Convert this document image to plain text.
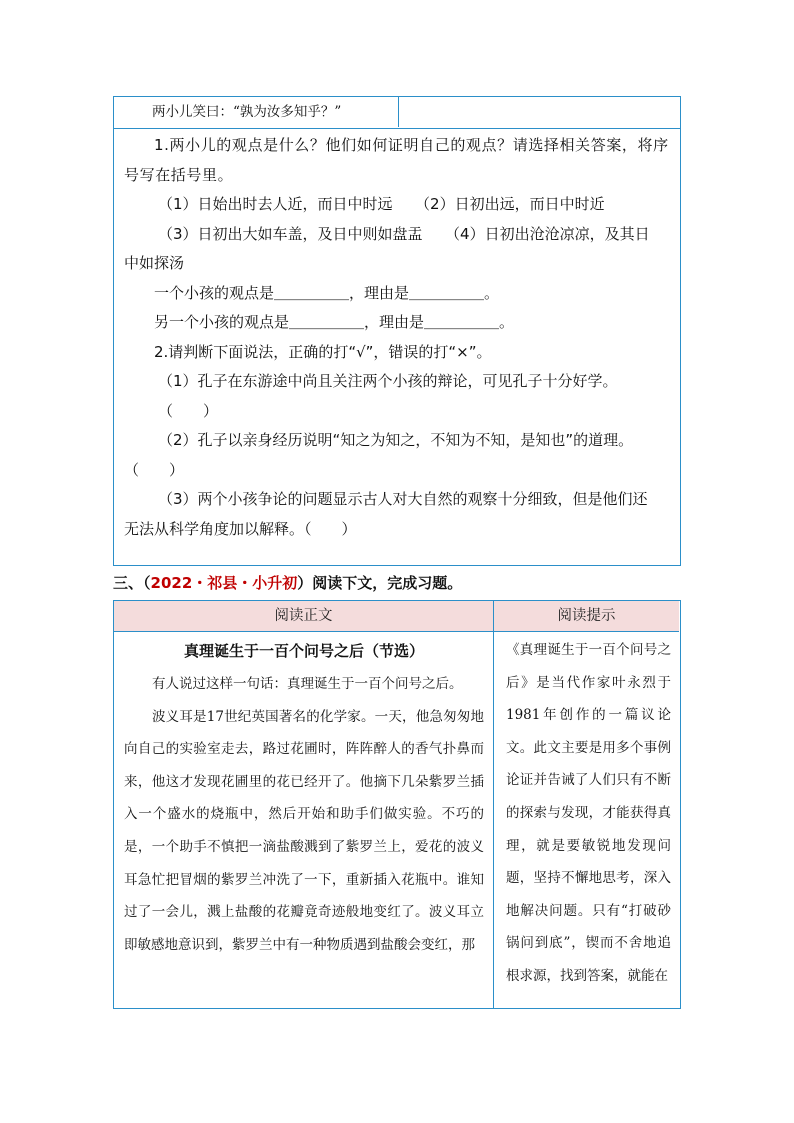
两小儿笑曰：“孰为汝多知乎？”
1.两小儿的观点是什么？他们如何证明自己的观点？请选择相关答案，将序
号写在括号里。
（1）日始出时去人近，而日中时远　　（2）日初出远，而日中时近
（3）日初出大如车盖，及日中则如盘盂　　（4）日初出沧沧凉凉，及其日
中如探汤
一个小孩的观点是＿＿＿＿＿，理由是＿＿＿＿＿。
另一个小孩的观点是＿＿＿＿＿，理由是＿＿＿＿＿。
2.请判断下面说法，正确的打“√”，错误的打“×”。
（1）孔子在东游途中尚且关注两个小孩的辩论，可见孔子十分好学。
（　　）
（2）孔子以亲身经历说明“知之为知之，不知为不知，是知也”的道理。
（　　）
（3）两个小孩争论的问题显示古人对大自然的观察十分细致，但是他们还
无法从科学角度加以解释。（　　）
三、（2022・祁县・小升初）阅读下文，完成习题。
阅读正文	阅读提示
真理诞生于一百个问号之后（节选）
有人说过这样一句话：真理诞生于一百个问号之后。
波义耳是17世纪英国著名的化学家。一天，他急匆匆地向自己的实验室走去，路过花圃时，阵阵醉人的香气扑鼻而来，他这才发现花圃里的花已经开了。他摘下几朵紫罗兰插入一个盛水的烧瓶中，然后开始和助手们做实验。不巧的是，一个助手不慎把一滴盐酸溅到了紫罗兰上，爱花的波义耳急忙把冒烟的紫罗兰冲洗了一下，重新插入花瓶中。谁知过了一会儿，溅上盐酸的花瓣竟奇迹般地变红了。波义耳立即敏感地意识到，紫罗兰中有一种物质遇到盐酸会变红，那
《真理诞生于一百个问号之后》是当代作家叶永烈于1981年创作的一篇议论文。此文主要是用多个事例论证并告诫了人们只有不断的探索与发现，才能获得真理，就是要敏锐地发现问题，坚持不懈地思考，深入地解决问题。只有“打破砂锅问到底”，锲而不舍地追根求源，找到答案，就能在
